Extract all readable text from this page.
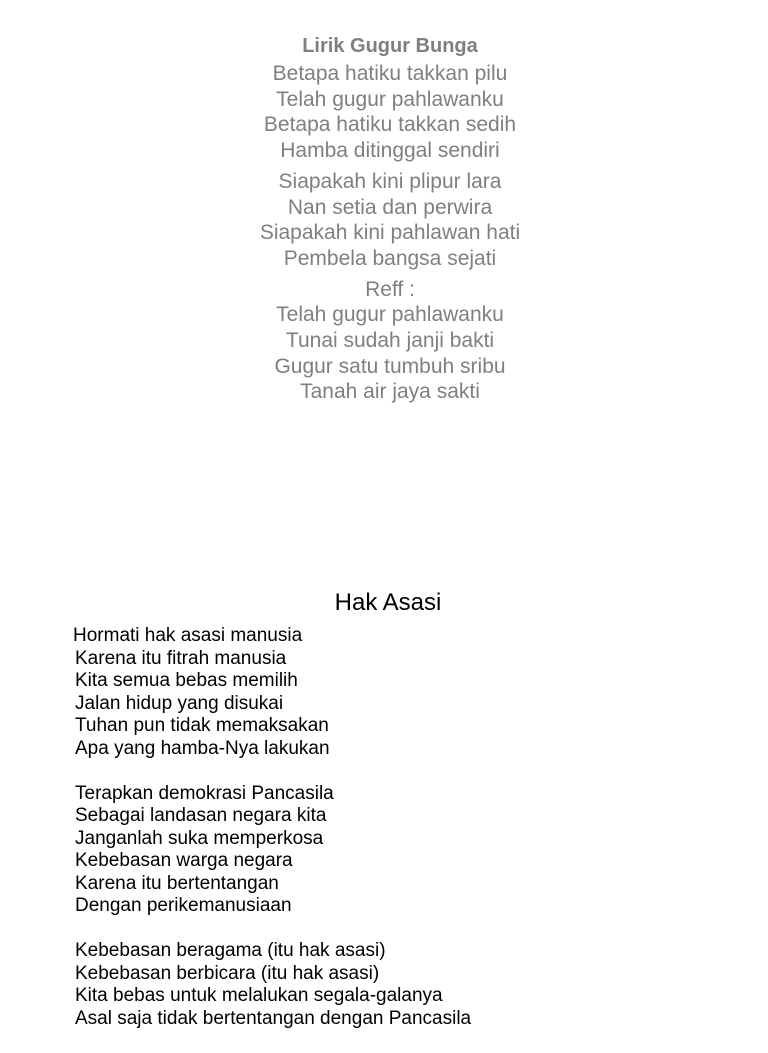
Lirik Gugur Bunga
Betapa hatiku takkan pilu
Telah gugur pahlawanku
Betapa hatiku takkan sedih
Hamba ditinggal sendiri
Siapakah kini plipur lara
Nan setia dan perwira
Siapakah kini pahlawan hati
Pembela bangsa sejati
Reff :
Telah gugur pahlawanku
Tunai sudah janji bakti
Gugur satu tumbuh sribu
Tanah air jaya sakti
Hak Asasi
Hormati hak asasi manusia
Karena itu fitrah manusia
Kita semua bebas memilih
Jalan hidup yang disukai
Tuhan pun tidak memaksakan
Apa yang hamba-Nya lakukan
Terapkan demokrasi Pancasila
Sebagai landasan negara kita
Janganlah suka memperkosa
Kebebasan warga negara
Karena itu bertentangan
Dengan perikemanusiaan
Kebebasan beragama (itu hak asasi)
Kebebasan berbicara (itu hak asasi)
Kita bebas untuk melalukan segala-galanya
Asal saja tidak bertentangan dengan Pancasila
